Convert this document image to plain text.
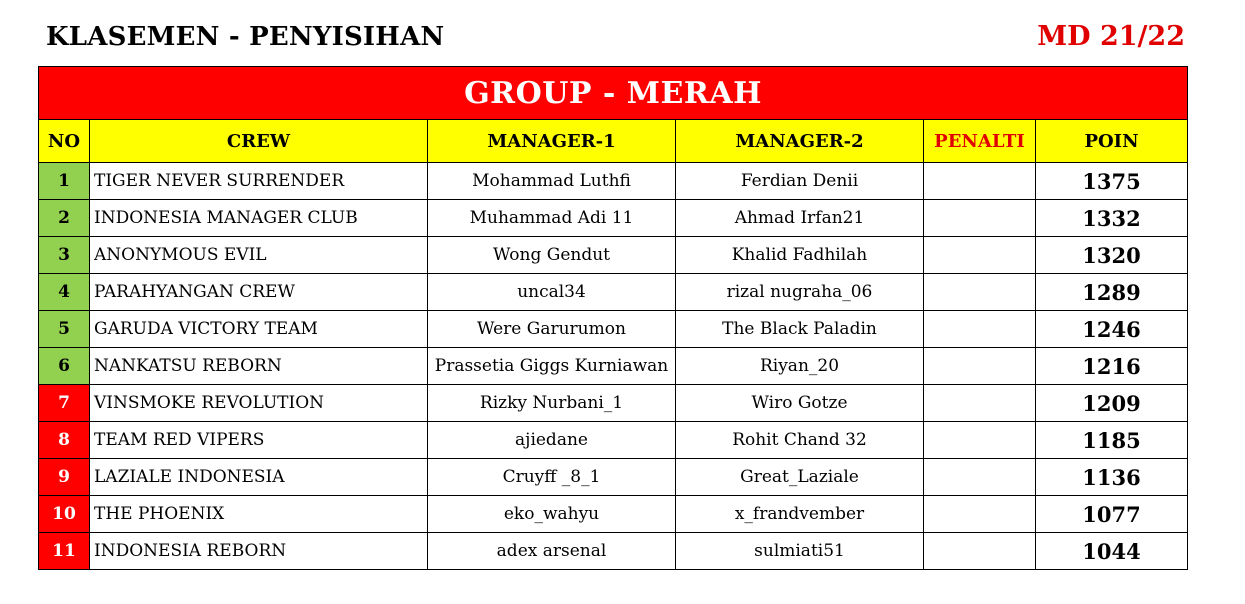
KLASEMEN - PENYISIHAN	MD 21/22
GROUP - MERAH					
NO	CREW	MANAGER-1	MANAGER-2	PENALTI	POIN
1	TIGER NEVER SURRENDER	Mohammad Luthfi	Ferdian Denii		1375
2	INDONESIA MANAGER CLUB	Muhammad Adi 11	Ahmad Irfan21		1332
3	ANONYMOUS EVIL	Wong Gendut	Khalid Fadhilah		1320
4	PARAHYANGAN CREW	uncal34	rizal nugraha_06		1289
5	GARUDA VICTORY TEAM	Were Garurumon	The Black Paladin		1246
6	NANKATSU REBORN	Prassetia Giggs Kurniawan	Riyan_20		1216
7	VINSMOKE REVOLUTION	Rizky Nurbani_1	Wiro Gotze		1209
8	TEAM RED VIPERS	ajiedane	Rohit Chand 32		1185
9	LAZIALE INDONESIA	Cruyff _8_1	Great_Laziale		1136
10	THE PHOENIX	eko_wahyu	x_frandvember		1077
11	INDONESIA REBORN	adex arsenal	sulmiati51		1044
